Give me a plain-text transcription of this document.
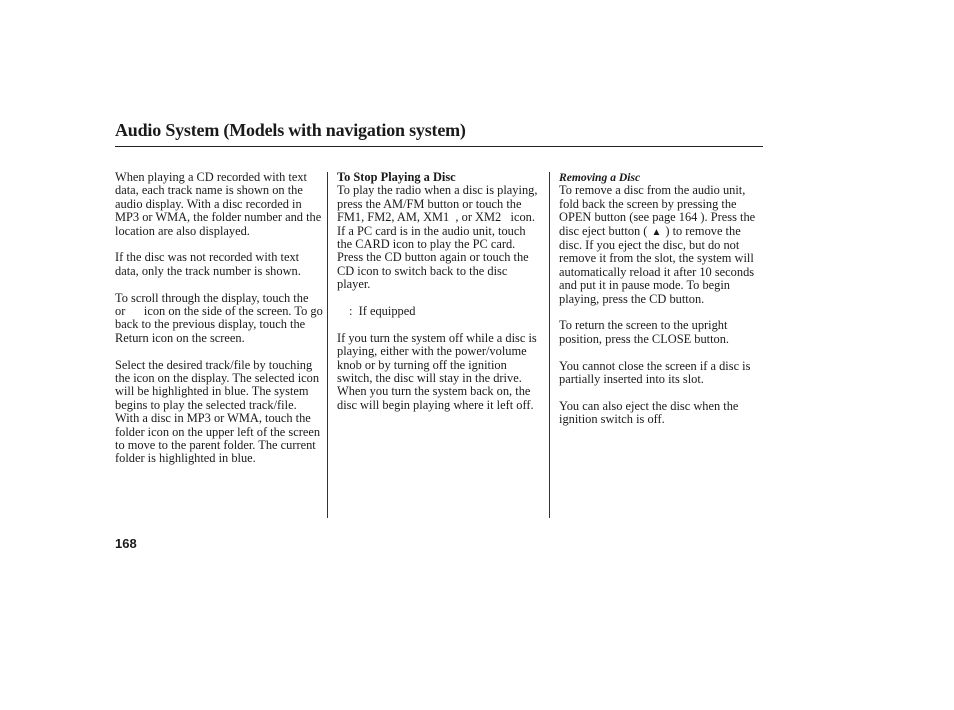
Audio System (Models with navigation system)

When playing a CD recorded with text data, each track name is shown on the audio display. With a disc recorded in MP3 or WMA, the folder number and the location are also displayed.

If the disc was not recorded with text data, only the track number is shown.

To scroll through the display, touch the      or      icon on the side of the screen. To go back to the previous display, touch the Return icon on the screen.

Select the desired track/file by touching the icon on the display. The selected icon will be highlighted in blue. The system begins to play the selected track/file. With a disc in MP3 or WMA, touch the folder icon on the upper left of the screen to move to the parent folder. The current folder is highlighted in blue.

To Stop Playing a Disc

To play the radio when a disc is playing, press the AM/FM button or touch the FM1, FM2, AM, XM1  , or XM2   icon. If a PC card is in the audio unit, touch the CARD icon to play the PC card. Press the CD button again or touch the CD icon to switch back to the disc player.

:  If equipped

If you turn the system off while a disc is playing, either with the power/volume knob or by turning off the ignition switch, the disc will stay in the drive. When you turn the system back on, the disc will begin playing where it left off.

Removing a Disc

To remove a disc from the audio unit, fold back the screen by pressing the OPEN button (see page 164 ). Press the disc eject button ( ▲ ) to remove the disc. If you eject the disc, but do not remove it from the slot, the system will automatically reload it after 10 seconds and put it in pause mode. To begin playing, press the CD button.

To return the screen to the upright position, press the CLOSE button.

You cannot close the screen if a disc is partially inserted into its slot.

You can also eject the disc when the ignition switch is off.

168
